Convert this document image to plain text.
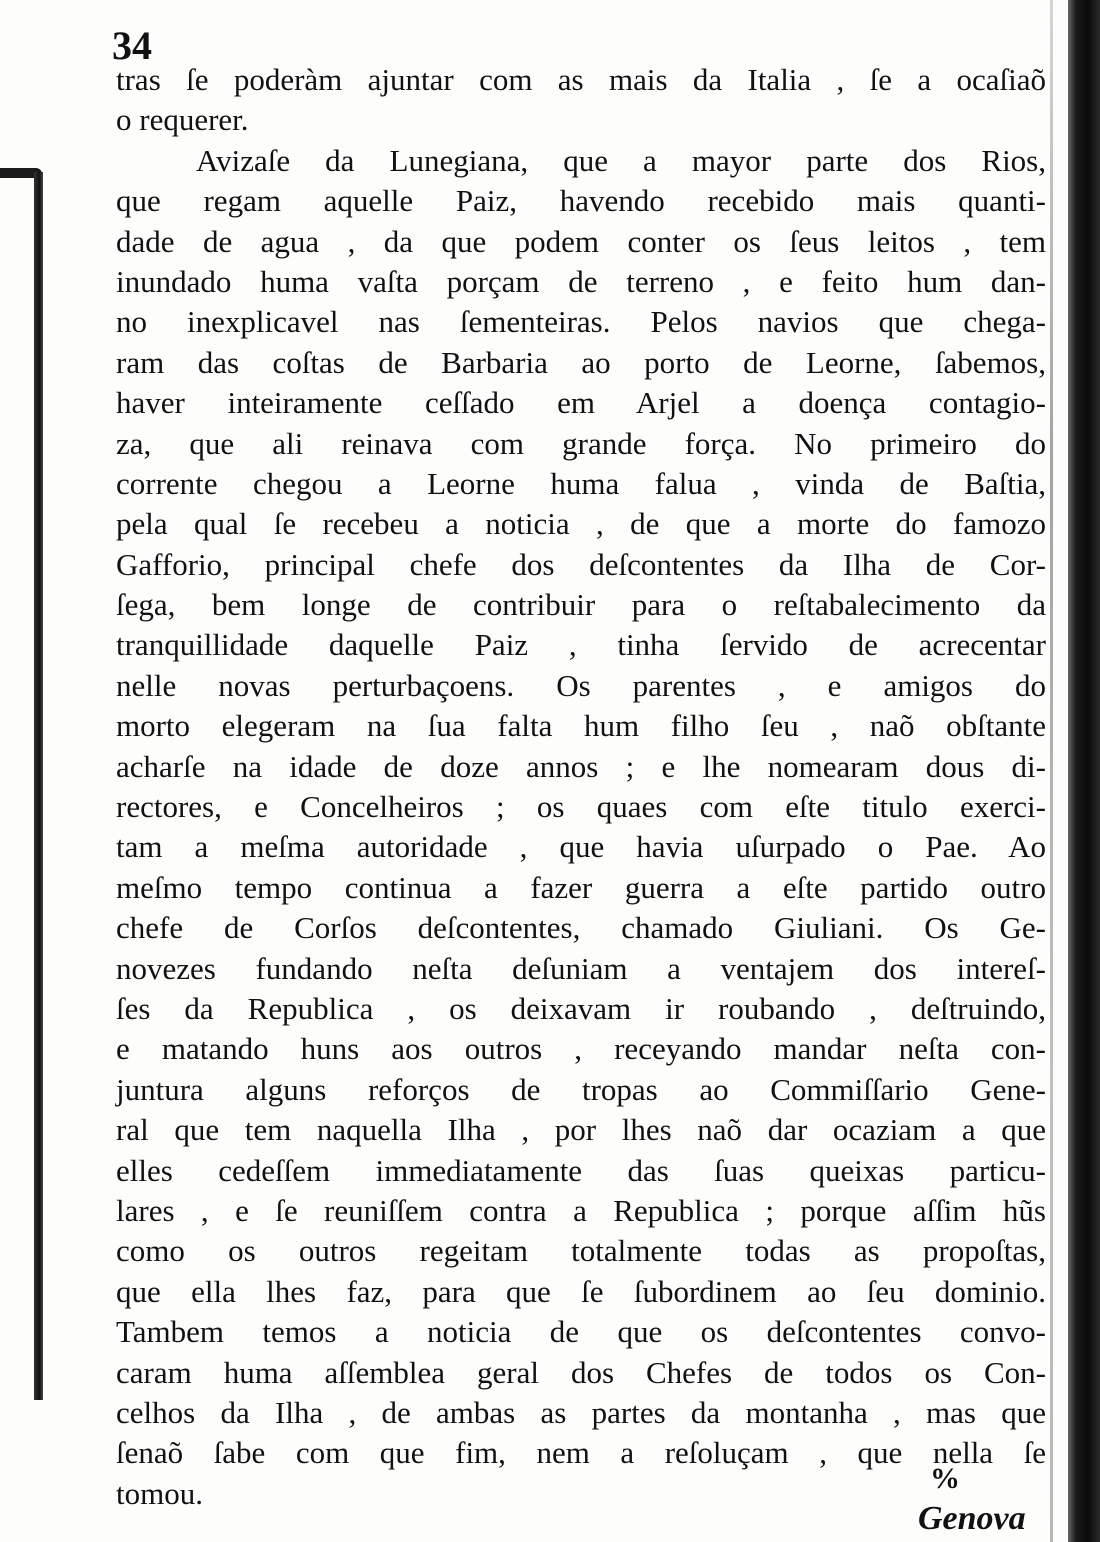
34
tras ſe poderàm ajuntar com as mais da Italia , ſe a ocaſiaõ
o requerer.
Avizaſe da Lunegiana, que a mayor parte dos Rios,
que regam aquelle Paiz, havendo recebido mais quanti-
dade de agua , da que podem conter os ſeus leitos , tem
inundado huma vaſta porçam de terreno , e feito hum dan-
no inexplicavel nas ſementeiras. Pelos navios que chega-
ram das coſtas de Barbaria ao porto de Leorne, ſabemos,
haver inteiramente ceſſado em Arjel a doença contagio-
za, que ali reinava com grande força. No primeiro do
corrente chegou a Leorne huma falua , vinda de Baſtia,
pela qual ſe recebeu a noticia , de que a morte do famozo
Gafforio, principal chefe dos deſcontentes da Ilha de Cor-
ſega, bem longe de contribuir para o reſtabalecimento da
tranquillidade daquelle Paiz , tinha ſervido de acrecentar
nelle novas perturbaçoens. Os parentes , e amigos do
morto elegeram na ſua falta hum filho ſeu , naõ obſtante
acharſe na idade de doze annos ; e lhe nomearam dous di-
rectores, e Concelheiros ; os quaes com eſte titulo exerci-
tam a meſma autoridade , que havia uſurpado o Pae. Ao
meſmo tempo continua a fazer guerra a eſte partido outro
chefe de Corſos deſcontentes, chamado Giuliani. Os Ge-
novezes fundando neſta deſuniam a ventajem dos intereſ-
ſes da Republica , os deixavam ir roubando , deſtruindo,
e matando huns aos outros , receyando mandar neſta con-
juntura alguns reforços de tropas ao Commiſſario Gene-
ral que tem naquella Ilha , por lhes naõ dar ocaziam a que
elles cedeſſem immediatamente das ſuas queixas particu-
lares , e ſe reuniſſem contra a Republica ; porque aſſim hũs
como os outros regeitam totalmente todas as propoſtas,
que ella lhes faz, para que ſe ſubordinem ao ſeu dominio.
Tambem temos a noticia de que os deſcontentes convo-
caram huma aſſemblea geral dos Chefes de todos os Con-
celhos da Ilha , de ambas as partes da montanha , mas que
ſenaõ ſabe com que fim, nem a reſoluçam , que nella ſe
tomou.	%
Genova
